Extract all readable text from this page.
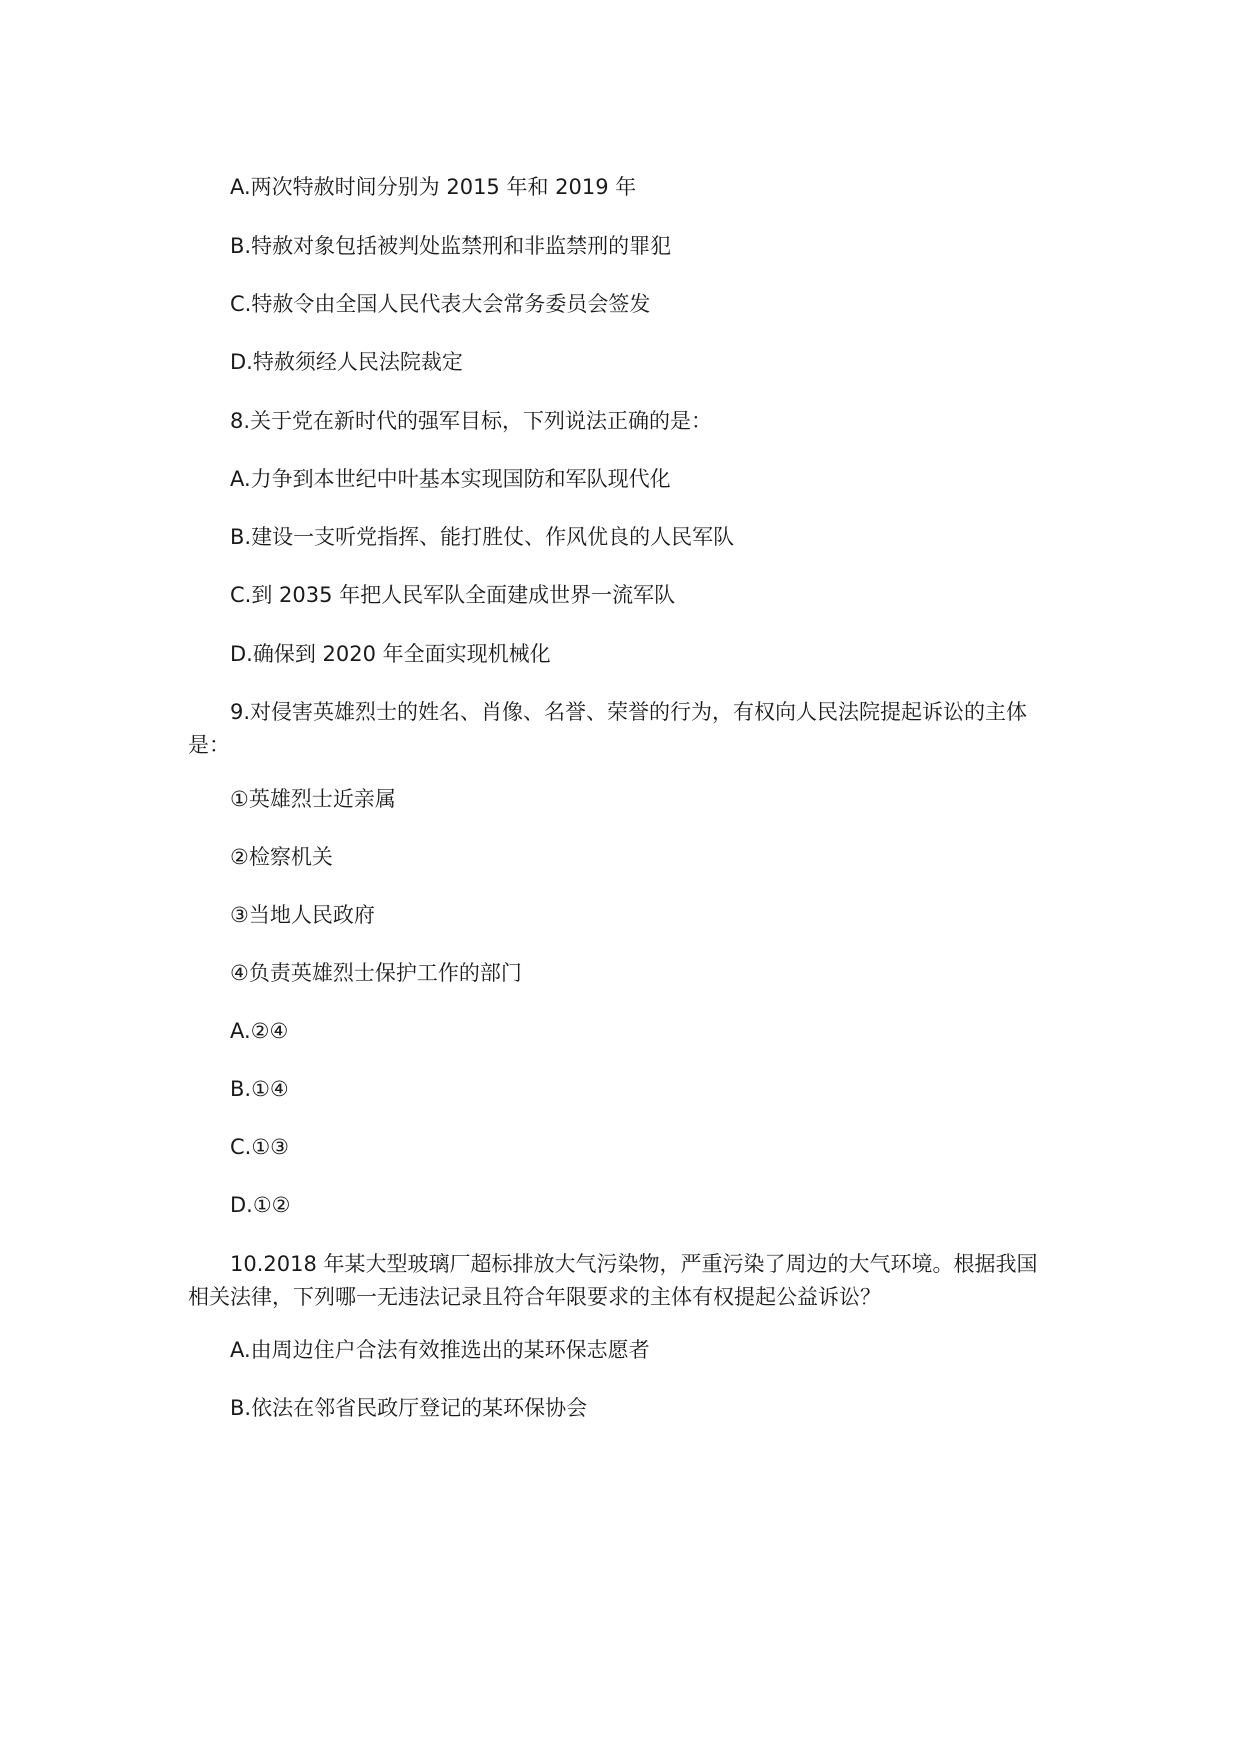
A.两次特赦时间分别为 2015 年和 2019 年

B.特赦对象包括被判处监禁刑和非监禁刑的罪犯

C.特赦令由全国人民代表大会常务委员会签发

D.特赦须经人民法院裁定

8.关于党在新时代的强军目标，下列说法正确的是：

A.力争到本世纪中叶基本实现国防和军队现代化

B.建设一支听党指挥、能打胜仗、作风优良的人民军队

C.到 2035 年把人民军队全面建成世界一流军队

D.确保到 2020 年全面实现机械化

9.对侵害英雄烈士的姓名、肖像、名誉、荣誉的行为，有权向人民法院提起诉讼的主体是：

①英雄烈士近亲属

②检察机关

③当地人民政府

④负责英雄烈士保护工作的部门

A.②④

B.①④

C.①③

D.①②

10.2018 年某大型玻璃厂超标排放大气污染物，严重污染了周边的大气环境。根据我国相关法律，下列哪一无违法记录且符合年限要求的主体有权提起公益诉讼？

A.由周边住户合法有效推选出的某环保志愿者

B.依法在邻省民政厅登记的某环保协会
